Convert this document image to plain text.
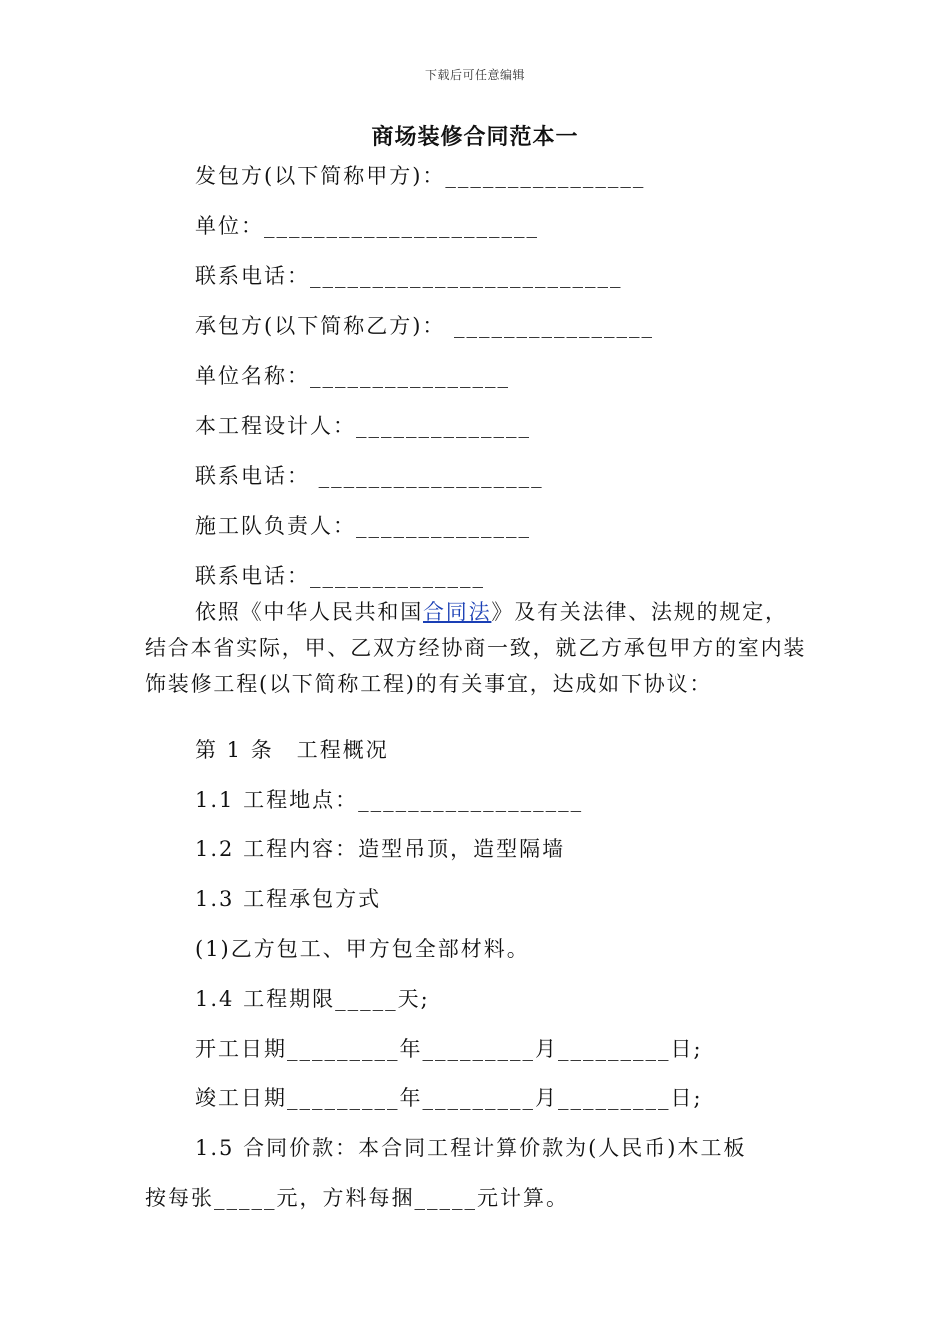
下载后可任意编辑
商场装修合同范本一
发包方(以下简称甲方)：________________
单位：______________________
联系电话：_________________________
承包方(以下简称乙方)： ________________
单位名称：________________
本工程设计人：______________
联系电话： __________________
施工队负责人：______________
联系电话：______________
依照《中华人民共和国合同法》及有关法律、法规的规定，结合本省实际，甲、乙双方经协商一致，就乙方承包甲方的室内装饰装修工程(以下简称工程)的有关事宜，达成如下协议：
第 1 条　工程概况
1.1 工程地点：__________________
1.2 工程内容：造型吊顶，造型隔墙
1.3 工程承包方式
(1)乙方包工、甲方包全部材料。
1.4 工程期限_____天;
开工日期_________年_________月_________日;
竣工日期_________年_________月_________日;
1.5 合同价款：本合同工程计算价款为(人民币)木工板
按每张_____元，方料每捆_____元计算。
